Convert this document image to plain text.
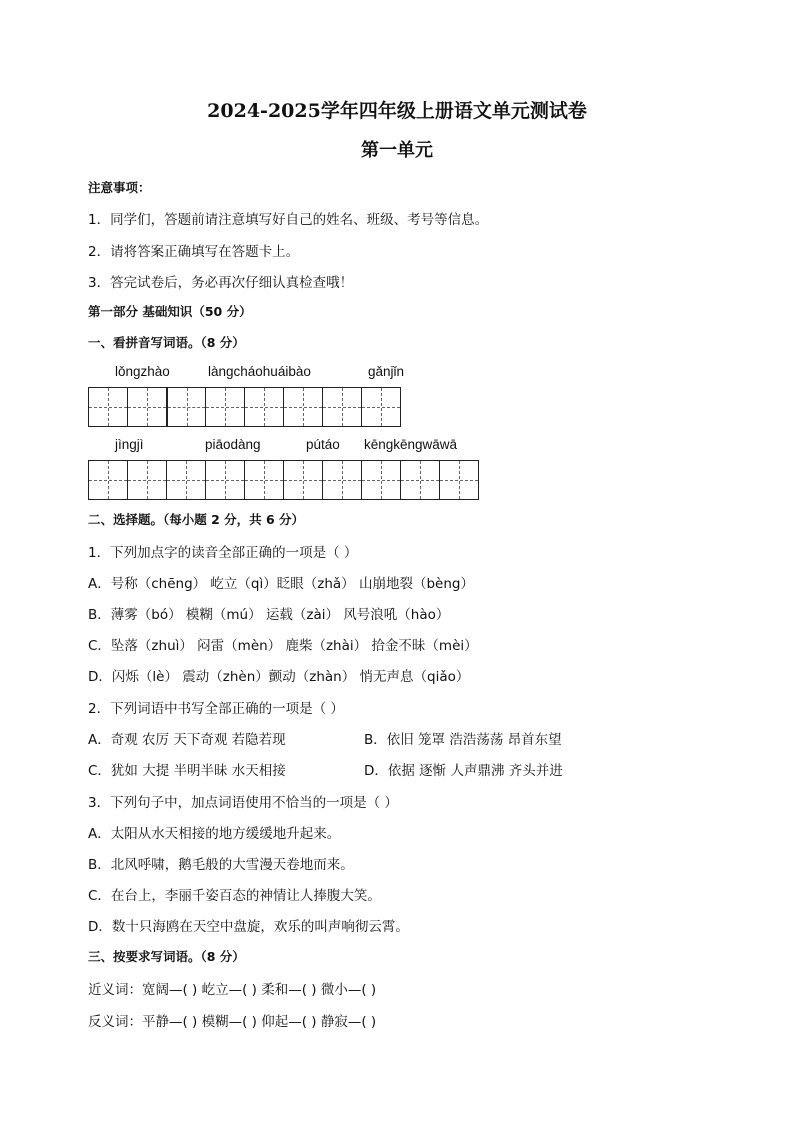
2024-2025学年四年级上册语文单元测试卷
第一单元
注意事项：
1．同学们，答题前请注意填写好自己的姓名、班级、考号等信息。
2．请将答案正确填写在答题卡上。
3．答完试卷后，务必再次仔细认真检查哦！
第一部分 基础知识（50 分）
一、看拼音写词语。（8 分）
lǒngzhào	làngcháohuáibào	gǎnjǐn
jìngjì	piāodàng	pútáo kēngkēngwāwā
二、选择题。（每小题 2 分，共 6 分）
1．下列加点字的读音全部正确的一项是（ ）
A．号称（chēng） 屹立（qì）眨眼（zhǎ） 山崩地裂（bèng）
B．薄雾（bó） 模糊（mú） 运载（zài） 风号浪吼（hào）
C．坠落（zhuì） 闷雷（mèn） 鹿柴（zhài） 拾金不昧（mèi）
D．闪烁（lè） 震动（zhèn）颤动（zhàn） 悄无声息（qiǎo）
2．下列词语中书写全部正确的一项是（ ）
A．奇观 农厉 天下奇观 若隐若现	B．依旧 笼罩 浩浩荡荡 昂首东望
C．犹如 大提 半明半昧 水天相接	D．依据 逐惭 人声鼎沸 齐头并进
3．下列句子中，加点词语使用不恰当的一项是（ ）
A．太阳从水天相接的地方缓缓地升起来。
B．北风呼啸，鹅毛般的大雪漫天卷地而来。
C．在台上，李丽千姿百态的神情让人捧腹大笑。
D．数十只海鸥在天空中盘旋，欢乐的叫声响彻云霄。
三、按要求写词语。（8 分）
近义词：宽阔—( ) 屹立—( ) 柔和—( ) 微小—( )
反义词：平静—( ) 模糊—( ) 仰起—( ) 静寂—( )
